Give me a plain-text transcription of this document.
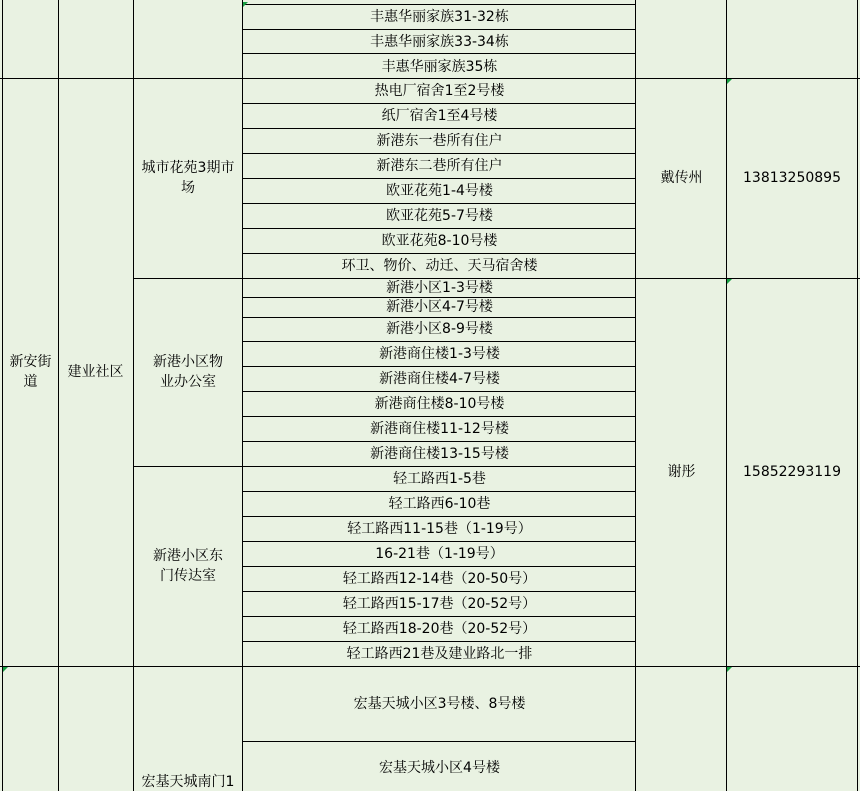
新安街道
建业社区
城市花苑3期市场
新港小区物业办公室
新港小区东门传达室
宏基天城南门1
戴传州	13813250895
谢彤	15852293119
丰惠华丽家族31-32栋
丰惠华丽家族33-34栋
丰惠华丽家族35栋
热电厂宿舍1至2号楼
纸厂宿舍1至4号楼
新港东一巷所有住户
新港东二巷所有住户
欧亚花苑1-4号楼
欧亚花苑5-7号楼
欧亚花苑8-10号楼
环卫、物价、动迁、天马宿舍楼
新港小区1-3号楼
新港小区4-7号楼
新港小区8-9号楼
新港商住楼1-3号楼
新港商住楼4-7号楼
新港商住楼8-10号楼
新港商住楼11-12号楼
新港商住楼13-15号楼
轻工路西1-5巷
轻工路西6-10巷
轻工路西11-15巷（1-19号）
16-21巷（1-19号）
轻工路西12-14巷（20-50号）
轻工路西15-17巷（20-52号）
轻工路西18-20巷（20-52号）
轻工路西21巷及建业路北一排
宏基天城小区3号楼、8号楼
宏基天城小区4号楼
